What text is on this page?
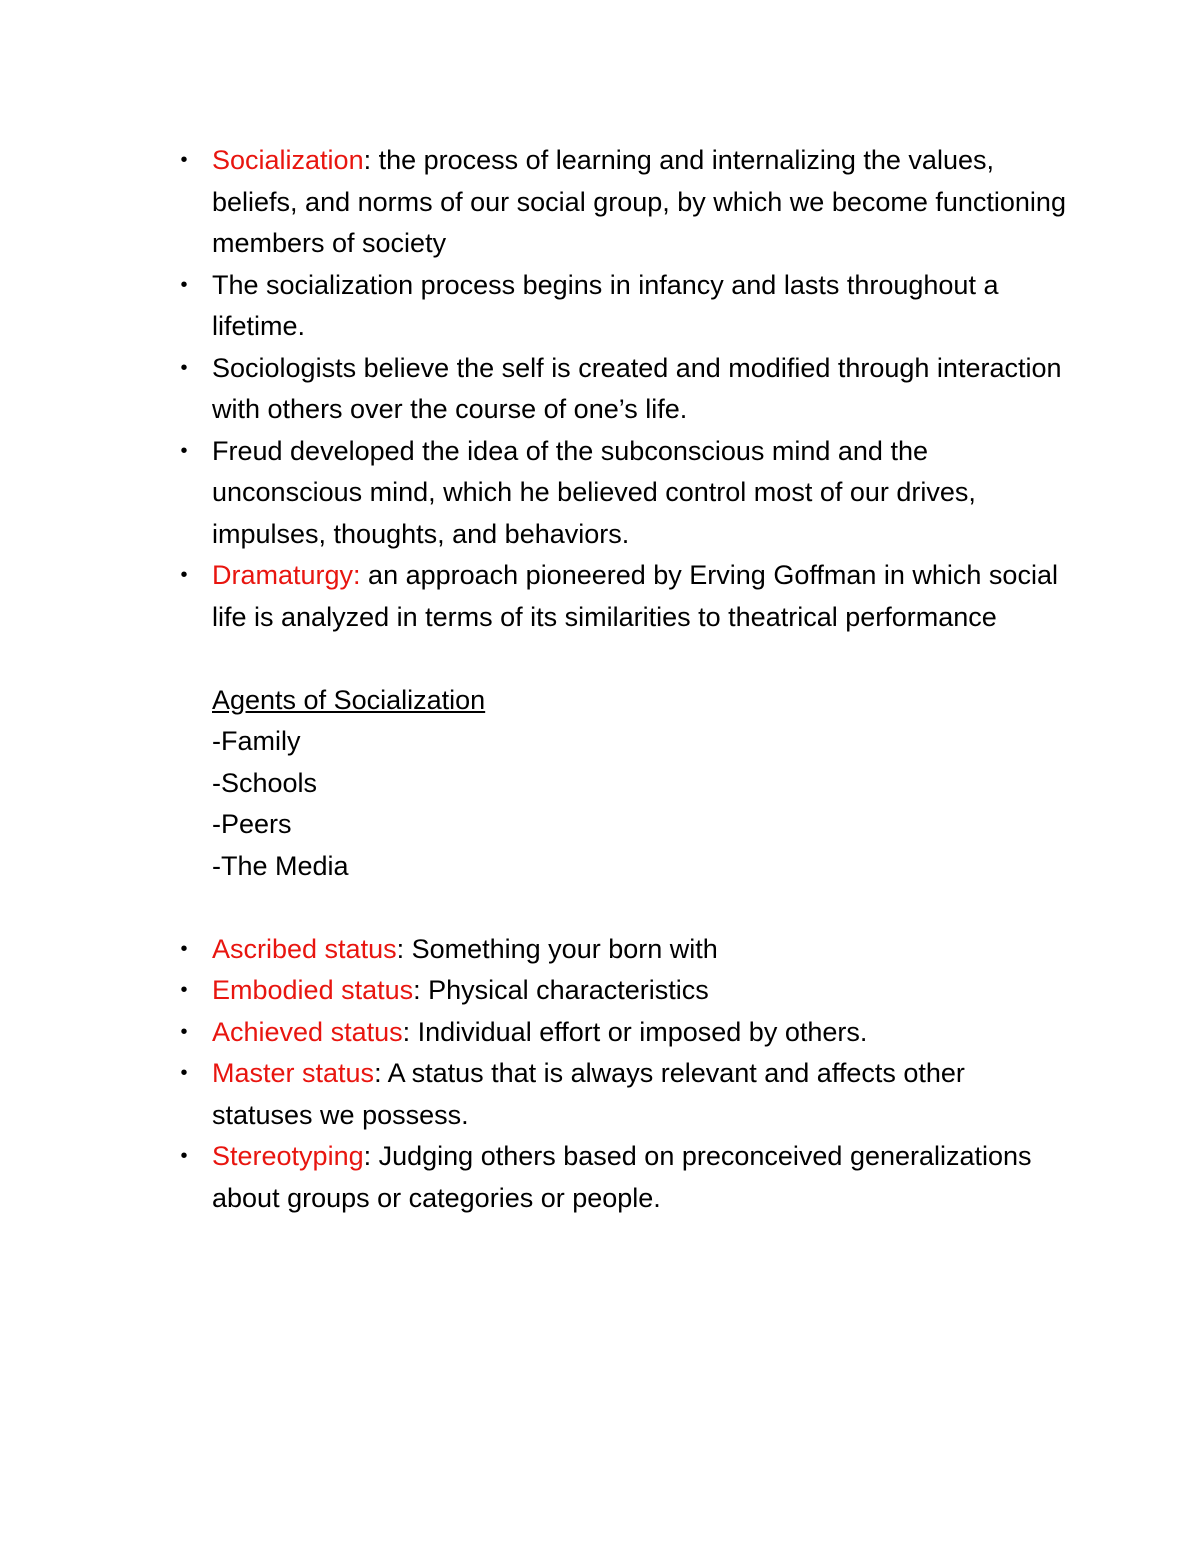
• Socialization: the process of learning and internalizing the values, beliefs, and norms of our social group, by which we become functioning members of society
• The socialization process begins in infancy and lasts throughout a lifetime.
• Sociologists believe the self is created and modified through interaction with others over the course of one’s life.
• Freud developed the idea of the subconscious mind and the unconscious mind, which he believed control most of our drives, impulses, thoughts, and behaviors.
• Dramaturgy: an approach pioneered by Erving Goffman in which social life is analyzed in terms of its similarities to theatrical performance
Agents of Socialization
-Family
-Schools
-Peers
-The Media
• Ascribed status: Something your born with
• Embodied status: Physical characteristics
• Achieved status: Individual effort or imposed by others.
• Master status: A status that is always relevant and affects other statuses we possess.
• Stereotyping: Judging others based on preconceived generalizations about groups or categories or people.
